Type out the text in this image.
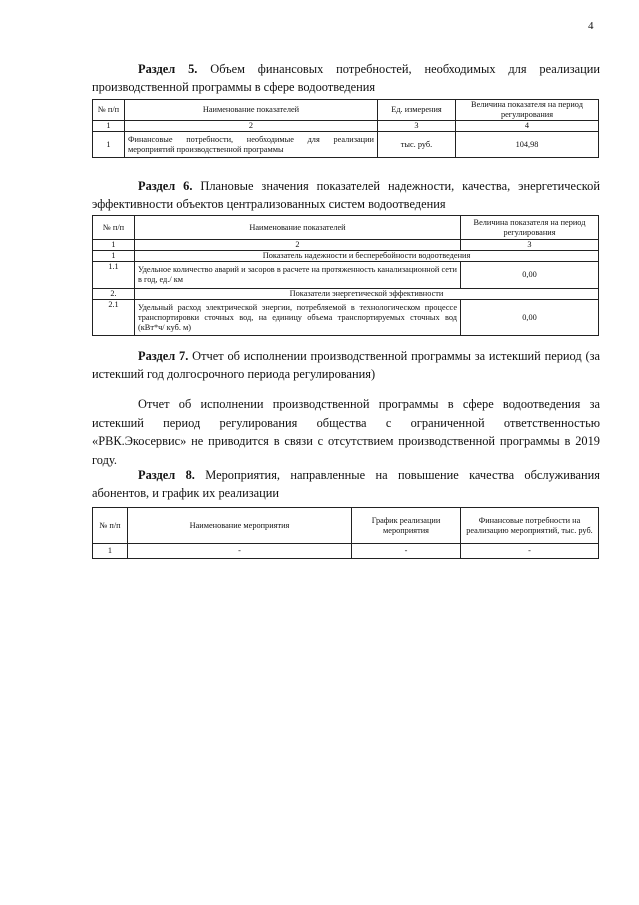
4
Раздел 5. Объем финансовых потребностей, необходимых для реализации производственной программы в сфере водоотведения
№ п/п	Наименование показателей	Ед. измерения	Величина показателя на период регулирования
1	2	3	4
1	Финансовые потребности, необходимые для реализации мероприятий производственной программы	тыс. руб.	104,98
Раздел 6. Плановые значения показателей надежности, качества, энергетической эффективности объектов централизованных систем водоотведения
№ п/п	Наименование показателей	Величина показателя на период регулирования
1	2	3
1	Показатель надежности и бесперебойности водоотведения	
1.1	Удельное количество аварий и засоров в расчете на протяженность канализационной сети в год, ед./ км	0,00
2.	Показатели энергетической эффективности	
2.1	Удельный расход электрической энергии, потребляемой в технологическом процессе транспортировки сточных вод, на единицу объема транспортируемых сточных вод (кВт*ч/ куб. м)	0,00
Раздел 7. Отчет об исполнении производственной программы за истекший период (за истекший год долгосрочного периода регулирования)
Отчет об исполнении производственной программы в сфере водоотведения за истекший период регулирования общества с ограниченной ответственностью «РВК.Экосервис» не приводится в связи с отсутствием производственной программы в 2019 году.
Раздел 8. Мероприятия, направленные на повышение качества обслуживания абонентов, и график их реализации
№ п/п	Наименование мероприятия	График реализации мероприятия	Финансовые потребности на реализацию мероприятий, тыс. руб.
1	-	-	-
